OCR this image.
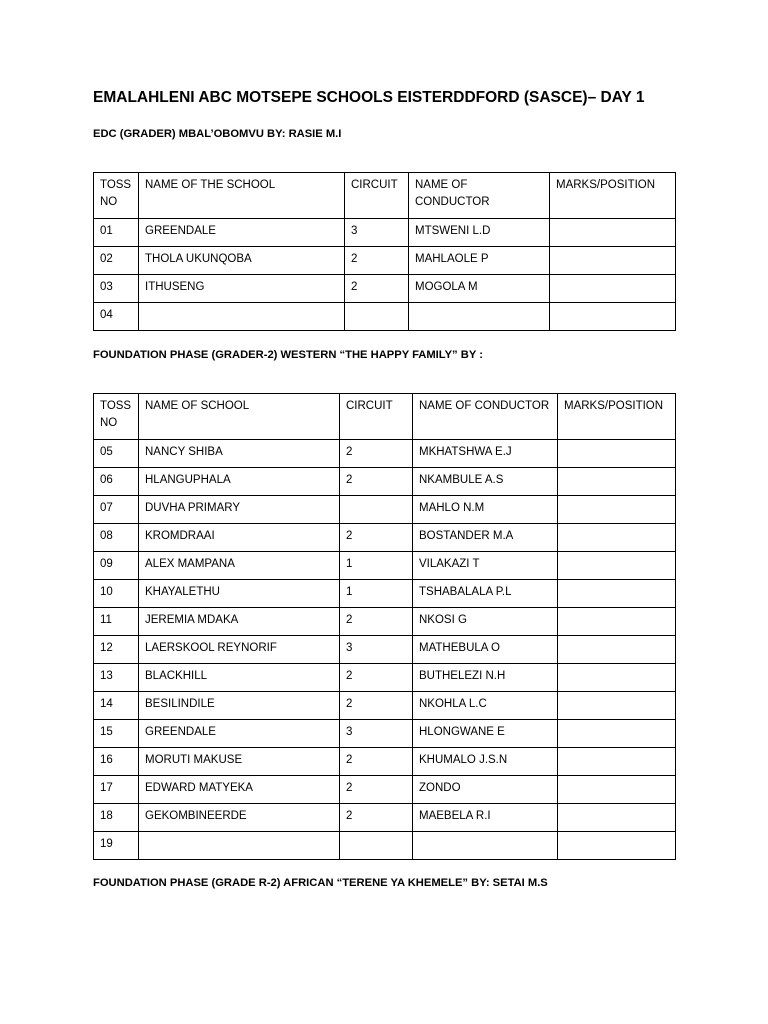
EMALAHLENI ABC MOTSEPE SCHOOLS EISTERDDFORD (SASCE)– DAY 1
EDC (GRADER) MBAL’OBOMVU BY: RASIE M.I
TOSS NO	NAME OF THE SCHOOL	CIRCUIT	NAME OF CONDUCTOR	MARKS/POSITION
01	GREENDALE	3	MTSWENI L.D	
02	THOLA UKUNQOBA	2	MAHLAOLE P	
03	ITHUSENG	2	MOGOLA M	
04				
FOUNDATION PHASE (GRADER-2) WESTERN “THE HAPPY FAMILY” BY :
TOSS NO	NAME OF SCHOOL	CIRCUIT	NAME OF CONDUCTOR	MARKS/POSITION
05	NANCY SHIBA	2	MKHATSHWA E.J	
06	HLANGUPHALA	2	NKAMBULE A.S	
07	DUVHA PRIMARY		MAHLO N.M	
08	KROMDRAAI	2	BOSTANDER M.A	
09	ALEX MAMPANA	1	VILAKAZI T	
10	KHAYALETHU	1	TSHABALALA P.L	
11	JEREMIA MDAKA	2	NKOSI G	
12	LAERSKOOL REYNORIF	3	MATHEBULA O	
13	BLACKHILL	2	BUTHELEZI N.H	
14	BESILINDILE	2	NKOHLA L.C	
15	GREENDALE	3	HLONGWANE E	
16	MORUTI MAKUSE	2	KHUMALO J.S.N	
17	EDWARD MATYEKA	2	ZONDO	
18	GEKOMBINEERDE	2	MAEBELA R.I	
19				
FOUNDATION PHASE (GRADE R-2) AFRICAN “TERENE YA KHEMELE” BY: SETAI M.S
